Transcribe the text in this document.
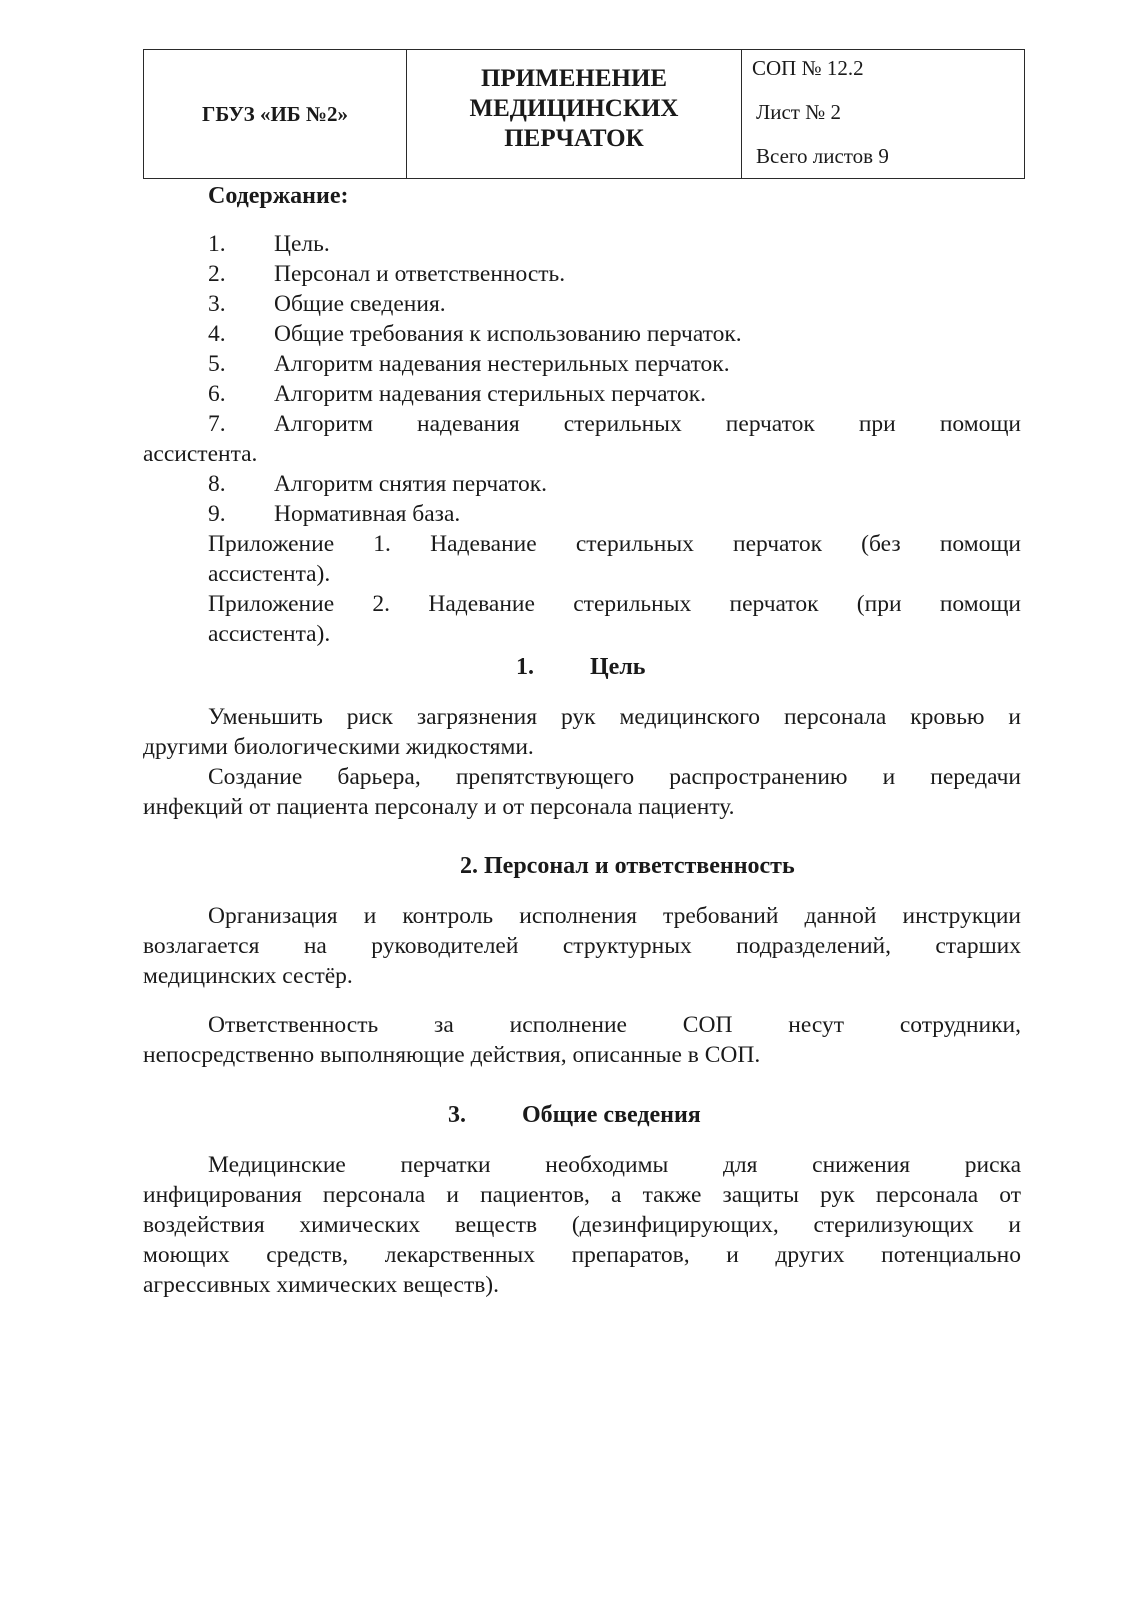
ГБУЗ «ИБ №2»
ПРИМЕНЕНИЕ
МЕДИЦИНСКИХ
ПЕРЧАТОК
СОП № 12.2
Лист № 2
Всего листов 9
Содержание:
1. Цель.
2. Персонал и ответственность.
3. Общие сведения.
4. Общие требования к использованию перчаток.
5. Алгоритм надевания нестерильных перчаток.
6. Алгоритм надевания стерильных перчаток.
7. Алгоритм надевания стерильных перчаток при помощи
ассистента.
8. Алгоритм снятия перчаток.
9. Нормативная база.
Приложение 1. Надевание стерильных перчаток (без помощи
ассистента).
Приложение 2. Надевание стерильных перчаток (при помощи
ассистента).
1. Цель
Уменьшить риск загрязнения рук медицинского персонала кровью и
другими биологическими жидкостями.
Создание барьера, препятствующего распространению и передачи
инфекций от пациента персоналу и от персонала пациенту.
2. Персонал и ответственность
Организация и контроль исполнения требований данной инструкции
возлагается на руководителей структурных подразделений, старших
медицинских сестёр.
Ответственность за исполнение СОП несут сотрудники,
непосредственно выполняющие действия, описанные в СОП.
3. Общие сведения
Медицинские перчатки необходимы для снижения риска
инфицирования персонала и пациентов, а также защиты рук персонала от
воздействия химических веществ (дезинфицирующих, стерилизующих и
моющих средств, лекарственных препаратов, и других потенциально
агрессивных химических веществ).
